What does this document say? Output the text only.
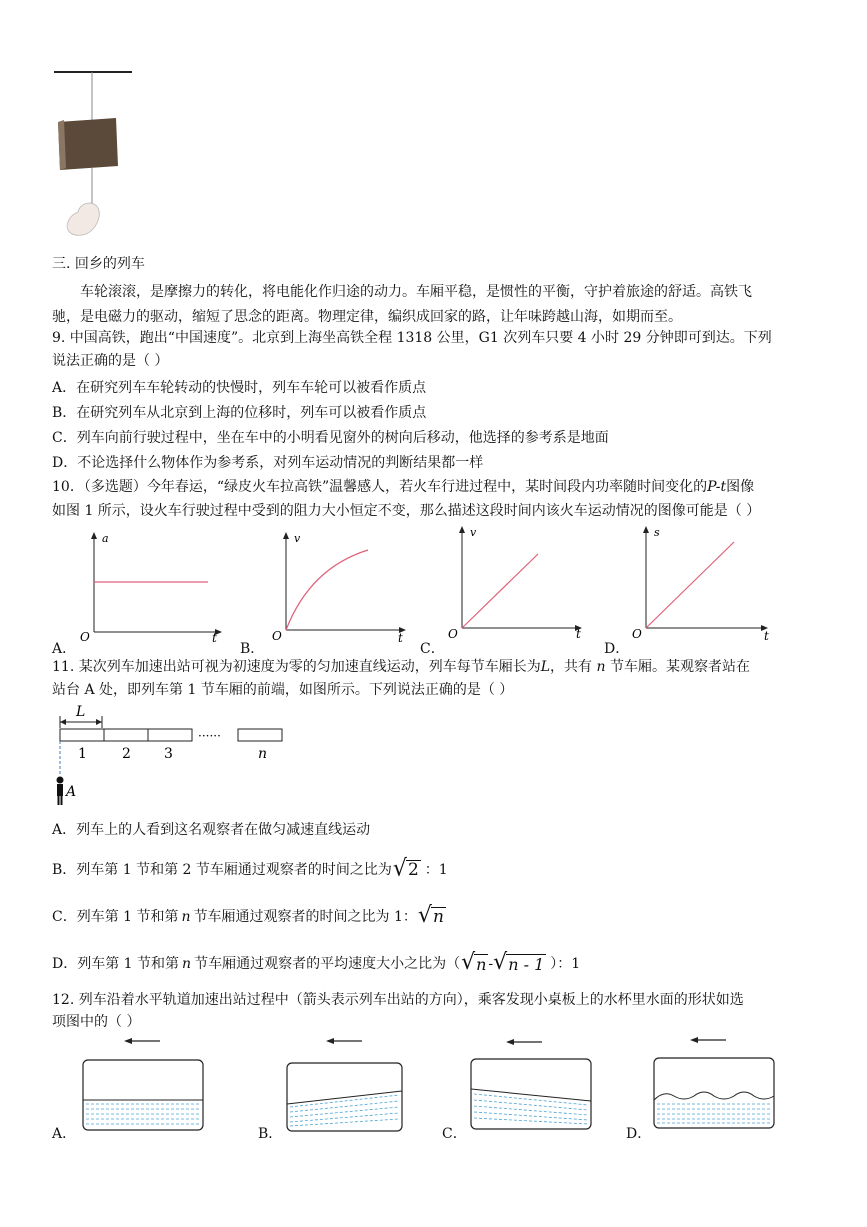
三. 回乡的列车
车轮滚滚，是摩擦力的转化，将电能化作归途的动力。车厢平稳，是惯性的平衡，守护着旅途的舒适。高铁飞
驰，是电磁力的驱动，缩短了思念的距离。物理定律，编织成回家的路，让年味跨越山海，如期而至。
9. 中国高铁，跑出“中国速度”。北京到上海坐高铁全程 1318 公里，G1 次列车只要 4 小时 29 分钟即可到达。下列
说法正确的是（ ）
A．在研究列车车轮转动的快慢时，列车车轮可以被看作质点
B．在研究列车从北京到上海的位移时，列车可以被看作质点
C．列车向前行驶过程中，坐在车中的小明看见窗外的树向后移动，他选择的参考系是地面
D．不论选择什么物体作为参考系，对列车运动情况的判断结果都一样
10．（多选题）今年春运，“绿皮火车拉高铁”温馨感人，若火车行进过程中，某时间段内功率随时间变化的P-t图像
如图 1 所示，设火车行驶过程中受到的阻力大小恒定不变，那么描述这段时间内该火车运动情况的图像可能是（ ）
A．
a
O	t
B．
v
O	t
C．
v
O	t
D．
s
O	t
11. 某次列车加速出站可视为初速度为零的匀加速直线运动，列车每节车厢长为L，共有 n 节车厢。某观察者站在
站台 A 处，即列车第 1 节车厢的前端，如图所示。下列说法正确的是（ ）
L
1	2 3
······
n
A
A．列车上的人看到这名观察者在做匀减速直线运动
B．列车第 1 节和第 2 节车厢通过观察者的时间之比为 √ 2 ：1
C．列车第 1 节和第 n 节车厢通过观察者的时间之比为 1： √ n
D．列车第 1 节和第 n 节车厢通过观察者的平均速度大小之比为（ √ n - √ n - 1 ）：1
12. 列车沿着水平轨道加速出站过程中（箭头表示列车出站的方向），乘客发现小桌板上的水杯里水面的形状如选
项图中的（ ）
A．	B．	C．	D．
